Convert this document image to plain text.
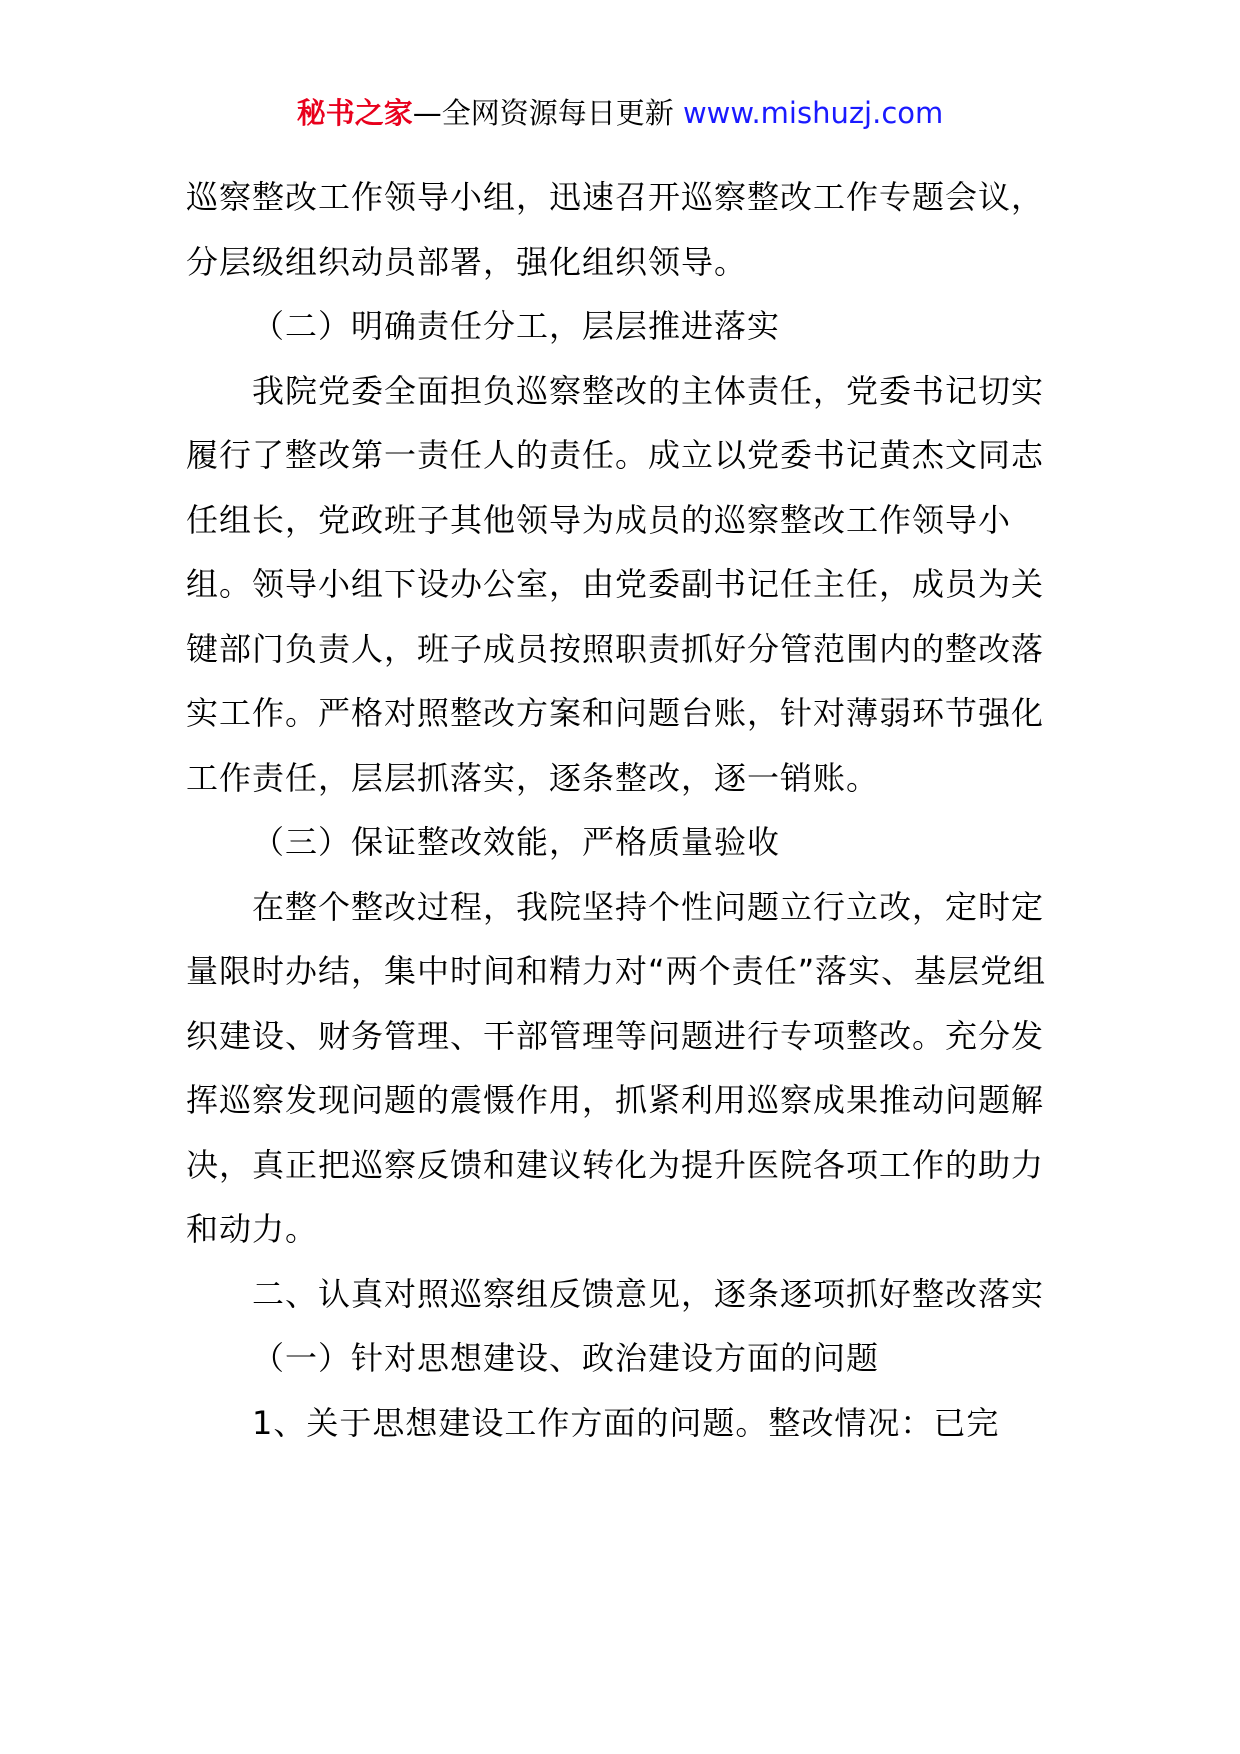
秘书之家—全网资源每日更新 www.mishuzj.com

巡察整改工作领导小组，迅速召开巡察整改工作专题会议，分层级组织动员部署，强化组织领导。

（二）明确责任分工，层层推进落实

我院党委全面担负巡察整改的主体责任，党委书记切实履行了整改第一责任人的责任。成立以党委书记黄杰文同志任组长，党政班子其他领导为成员的巡察整改工作领导小组。领导小组下设办公室，由党委副书记任主任，成员为关键部门负责人，班子成员按照职责抓好分管范围内的整改落实工作。严格对照整改方案和问题台账，针对薄弱环节强化工作责任，层层抓落实，逐条整改，逐一销账。

（三）保证整改效能，严格质量验收

在整个整改过程，我院坚持个性问题立行立改，定时定量限时办结，集中时间和精力对“两个责任”落实、基层党组织建设、财务管理、干部管理等问题进行专项整改。充分发挥巡察发现问题的震慑作用，抓紧利用巡察成果推动问题解决，真正把巡察反馈和建议转化为提升医院各项工作的助力和动力。

二、认真对照巡察组反馈意见，逐条逐项抓好整改落实

（一）针对思想建设、政治建设方面的问题

1、关于思想建设工作方面的问题。整改情况：已完
